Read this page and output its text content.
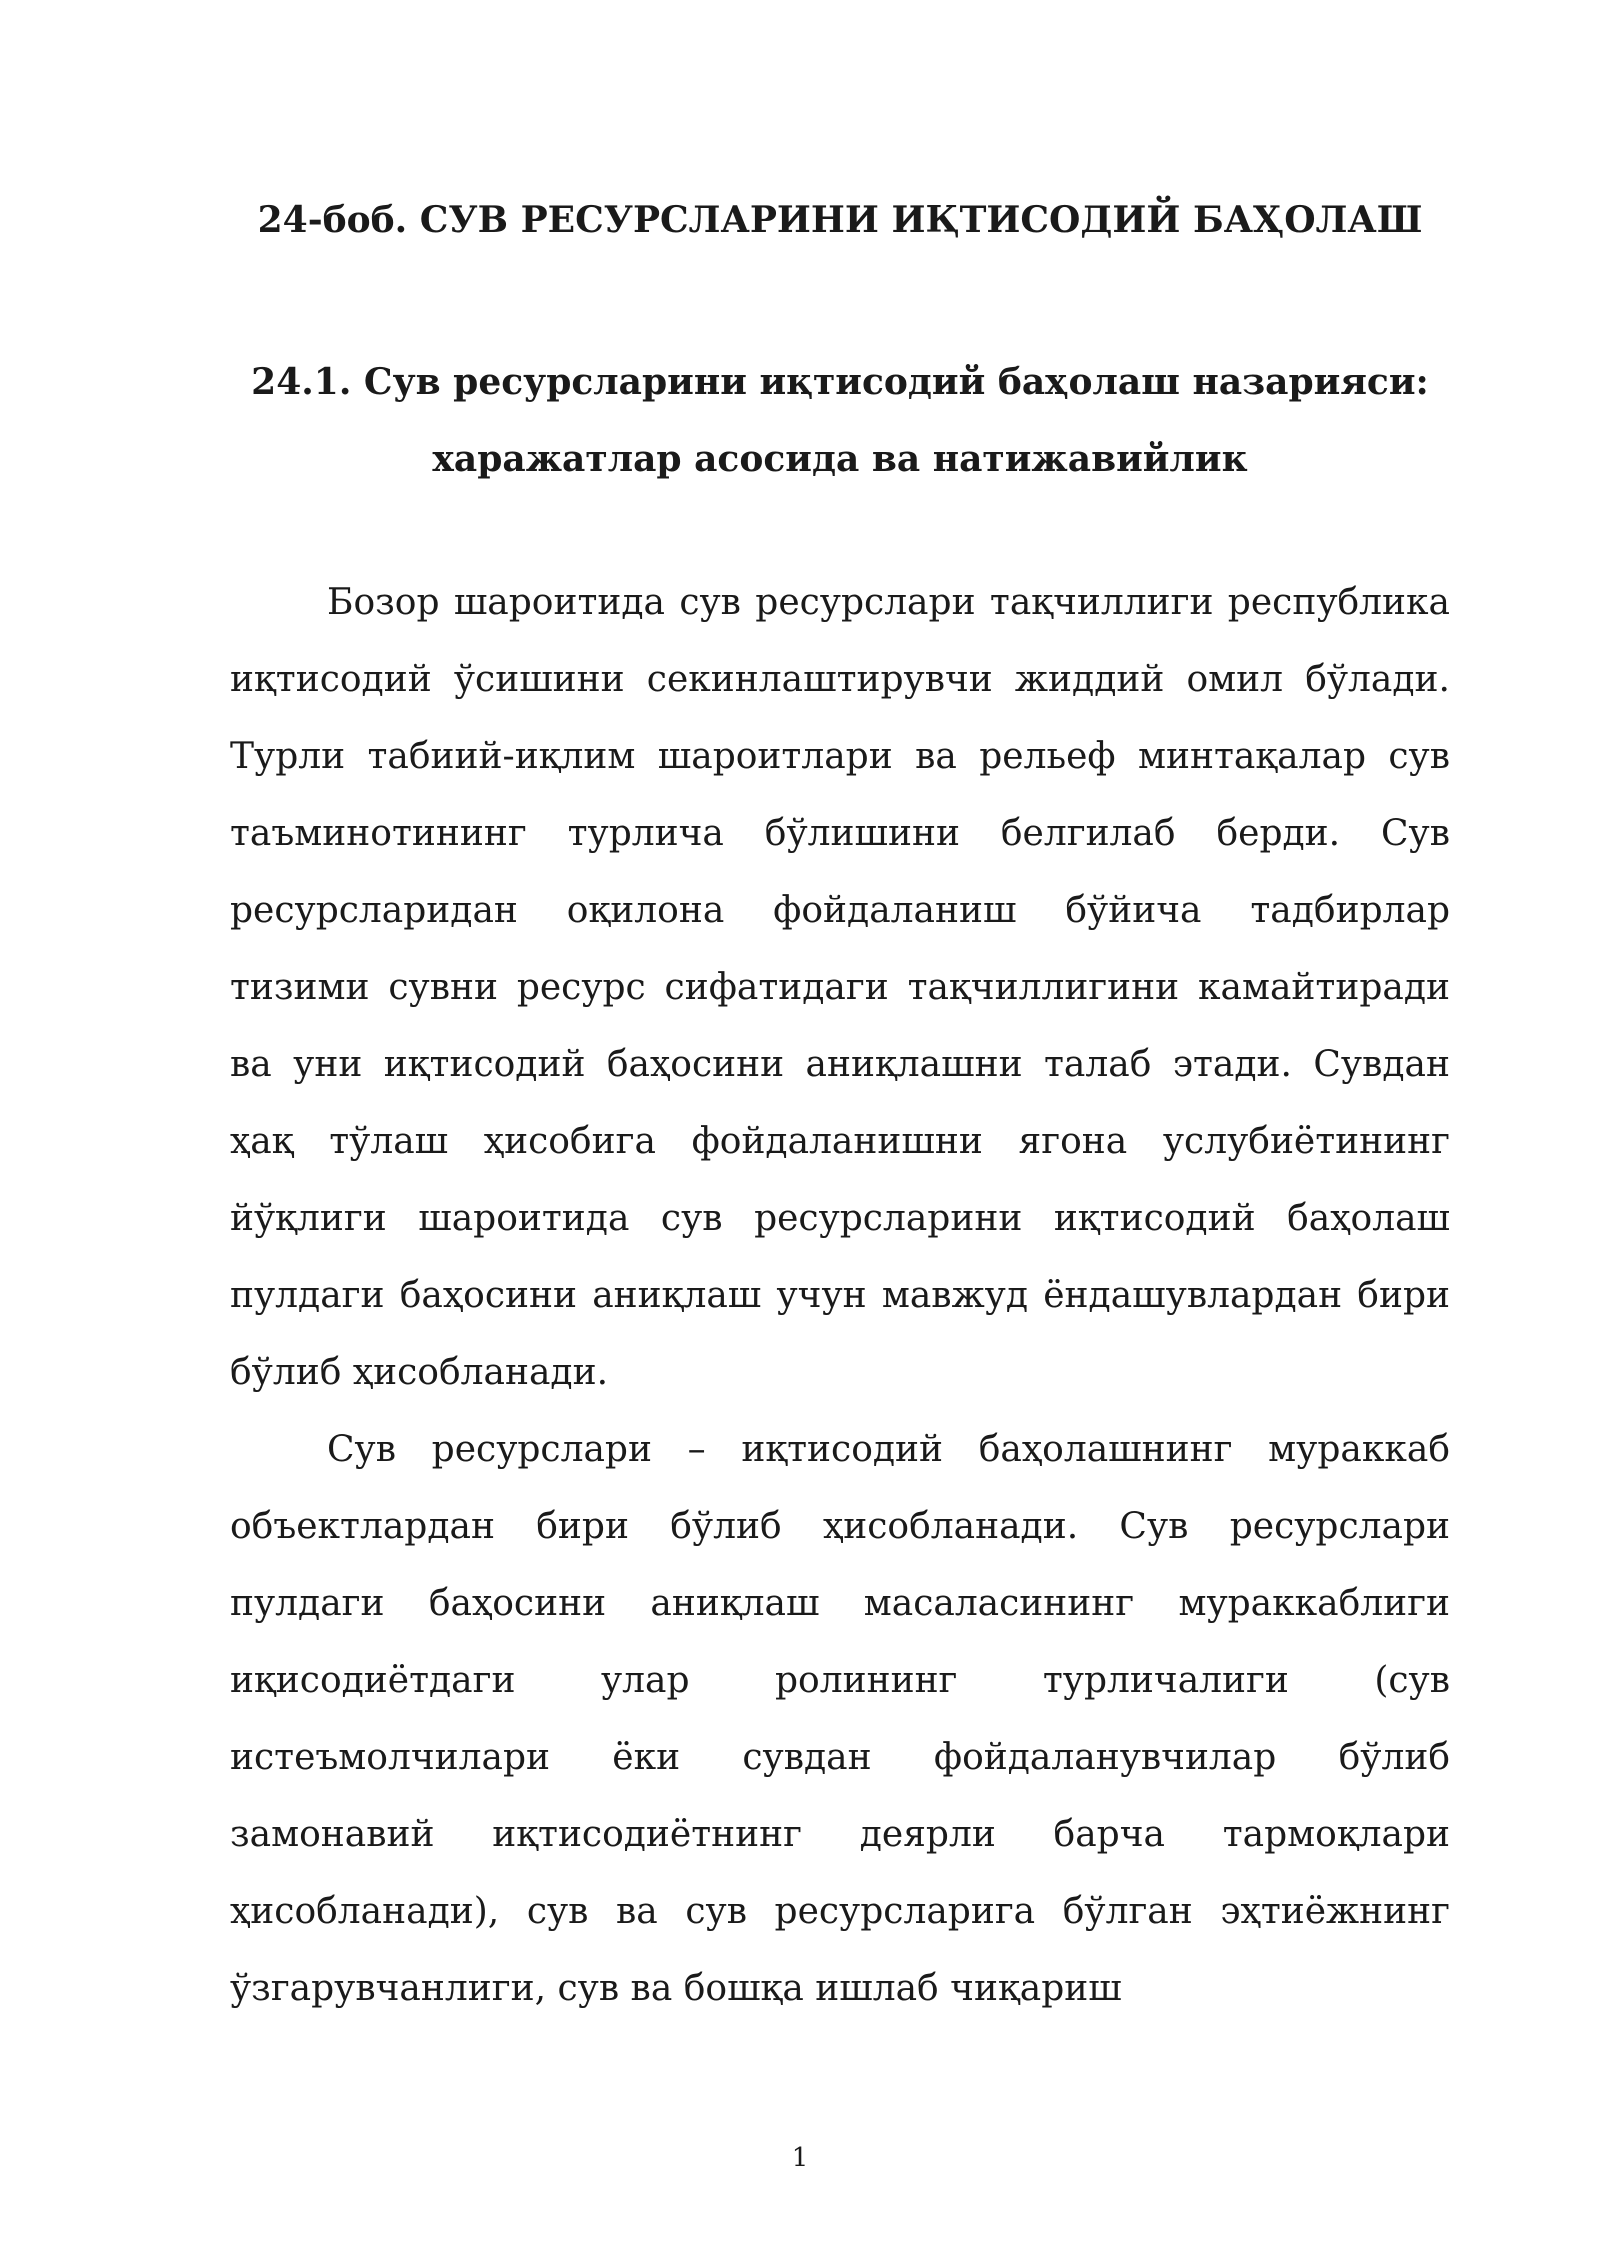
24-боб. СУВ РЕСУРСЛАРИНИ ИҚТИСОДИЙ БАҲОЛАШ
24.1. Сув ресурсларини иқтисодий баҳолаш назарияси:
харажатлар асосида ва натижавийлик

Бозор шароитида сув ресурслари тақчиллиги республика иқтисодий ўсишини секинлаштирувчи жиддий омил бўлади. Турли табиий-иқлим шароитлари ва рельеф минтақалар сув таъминотининг турлича бўлишини белгилаб берди. Сув ресурсларидан оқилона фойдаланиш бўйича тадбирлар тизими сувни ресурс сифатидаги тақчиллигини камайтиради ва уни иқтисодий баҳосини аниқлашни талаб этади. Сувдан ҳақ тўлаш ҳисобига фойдаланишни ягона услубиётининг йўқлиги шароитида сув ресурсларини иқтисодий баҳолаш пулдаги баҳосини аниқлаш учун мавжуд ёндашувлардан бири бўлиб ҳисобланади.

Сув ресурслари – иқтисодий баҳолашнинг мураккаб объектлардан бири бўлиб ҳисобланади. Сув ресурслари пулдаги баҳосини аниқлаш масаласининг мураккаблиги иқисодиётдаги улар ролининг турличалиги (сув истеъмолчилари ёки сувдан фойдаланувчилар бўлиб замонавий иқтисодиётнинг деярли барча тармоқлари ҳисобланади), сув ва сув ресурсларига бўлган эҳтиёжнинг ўзгарувчанлиги, сув ва бошқа ишлаб чиқариш

1
